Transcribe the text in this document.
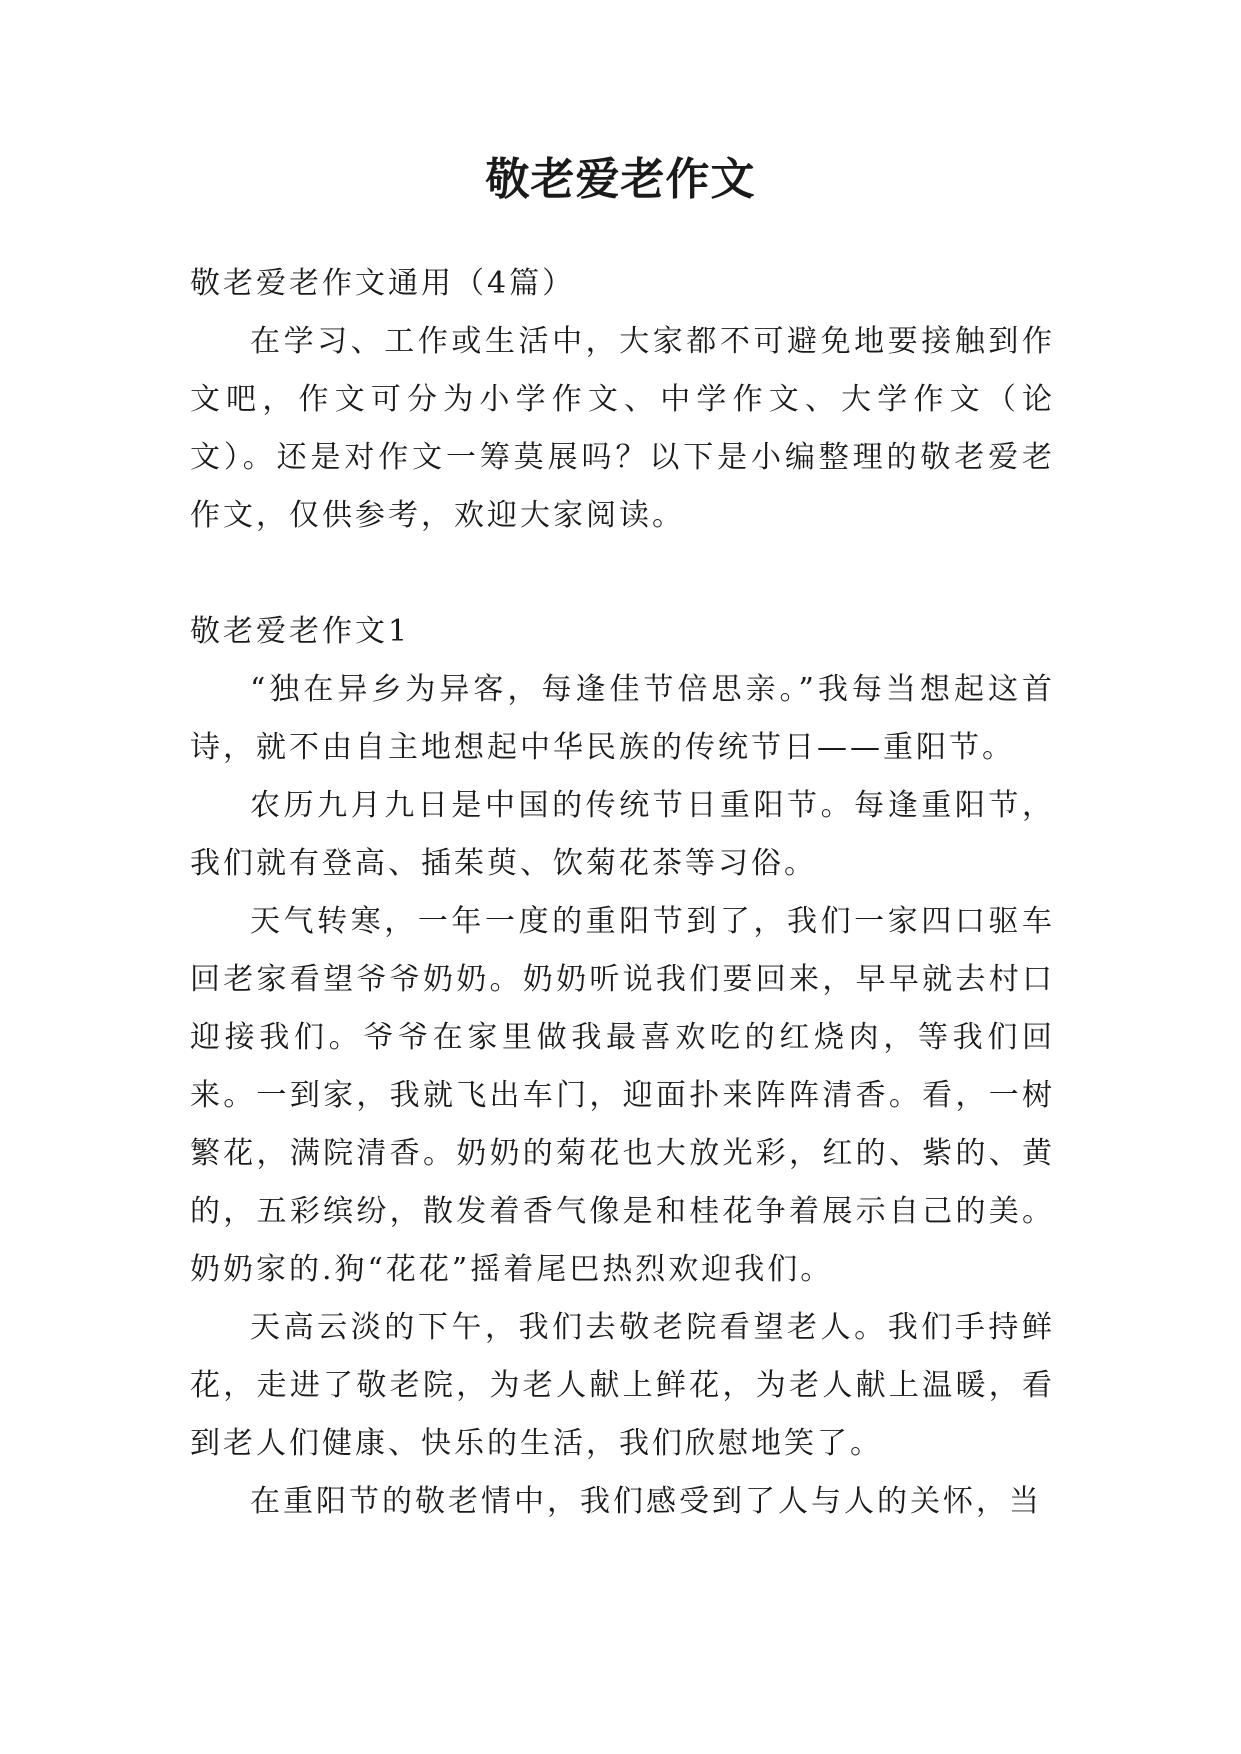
敬老爱老作文

敬老爱老作文通用（4篇）

在学习、工作或生活中，大家都不可避免地要接触到作文吧，作文可分为小学作文、中学作文、大学作文（论文）。还是对作文一筹莫展吗？以下是小编整理的敬老爱老作文，仅供参考，欢迎大家阅读。

敬老爱老作文1

“独在异乡为异客，每逢佳节倍思亲。”我每当想起这首诗，就不由自主地想起中华民族的传统节日——重阳节。

农历九月九日是中国的传统节日重阳节。每逢重阳节，我们就有登高、插茱萸、饮菊花茶等习俗。

天气转寒，一年一度的重阳节到了，我们一家四口驱车回老家看望爷爷奶奶。奶奶听说我们要回来，早早就去村口迎接我们。爷爷在家里做我最喜欢吃的红烧肉，等我们回来。一到家，我就飞出车门，迎面扑来阵阵清香。看，一树繁花，满院清香。奶奶的菊花也大放光彩，红的、紫的、黄的，五彩缤纷，散发着香气像是和桂花争着展示自己的美。奶奶家的.狗“花花”摇着尾巴热烈欢迎我们。

天高云淡的下午，我们去敬老院看望老人。我们手持鲜花，走进了敬老院，为老人献上鲜花，为老人献上温暖，看到老人们健康、快乐的生活，我们欣慰地笑了。

在重阳节的敬老情中，我们感受到了人与人的关怀，当
